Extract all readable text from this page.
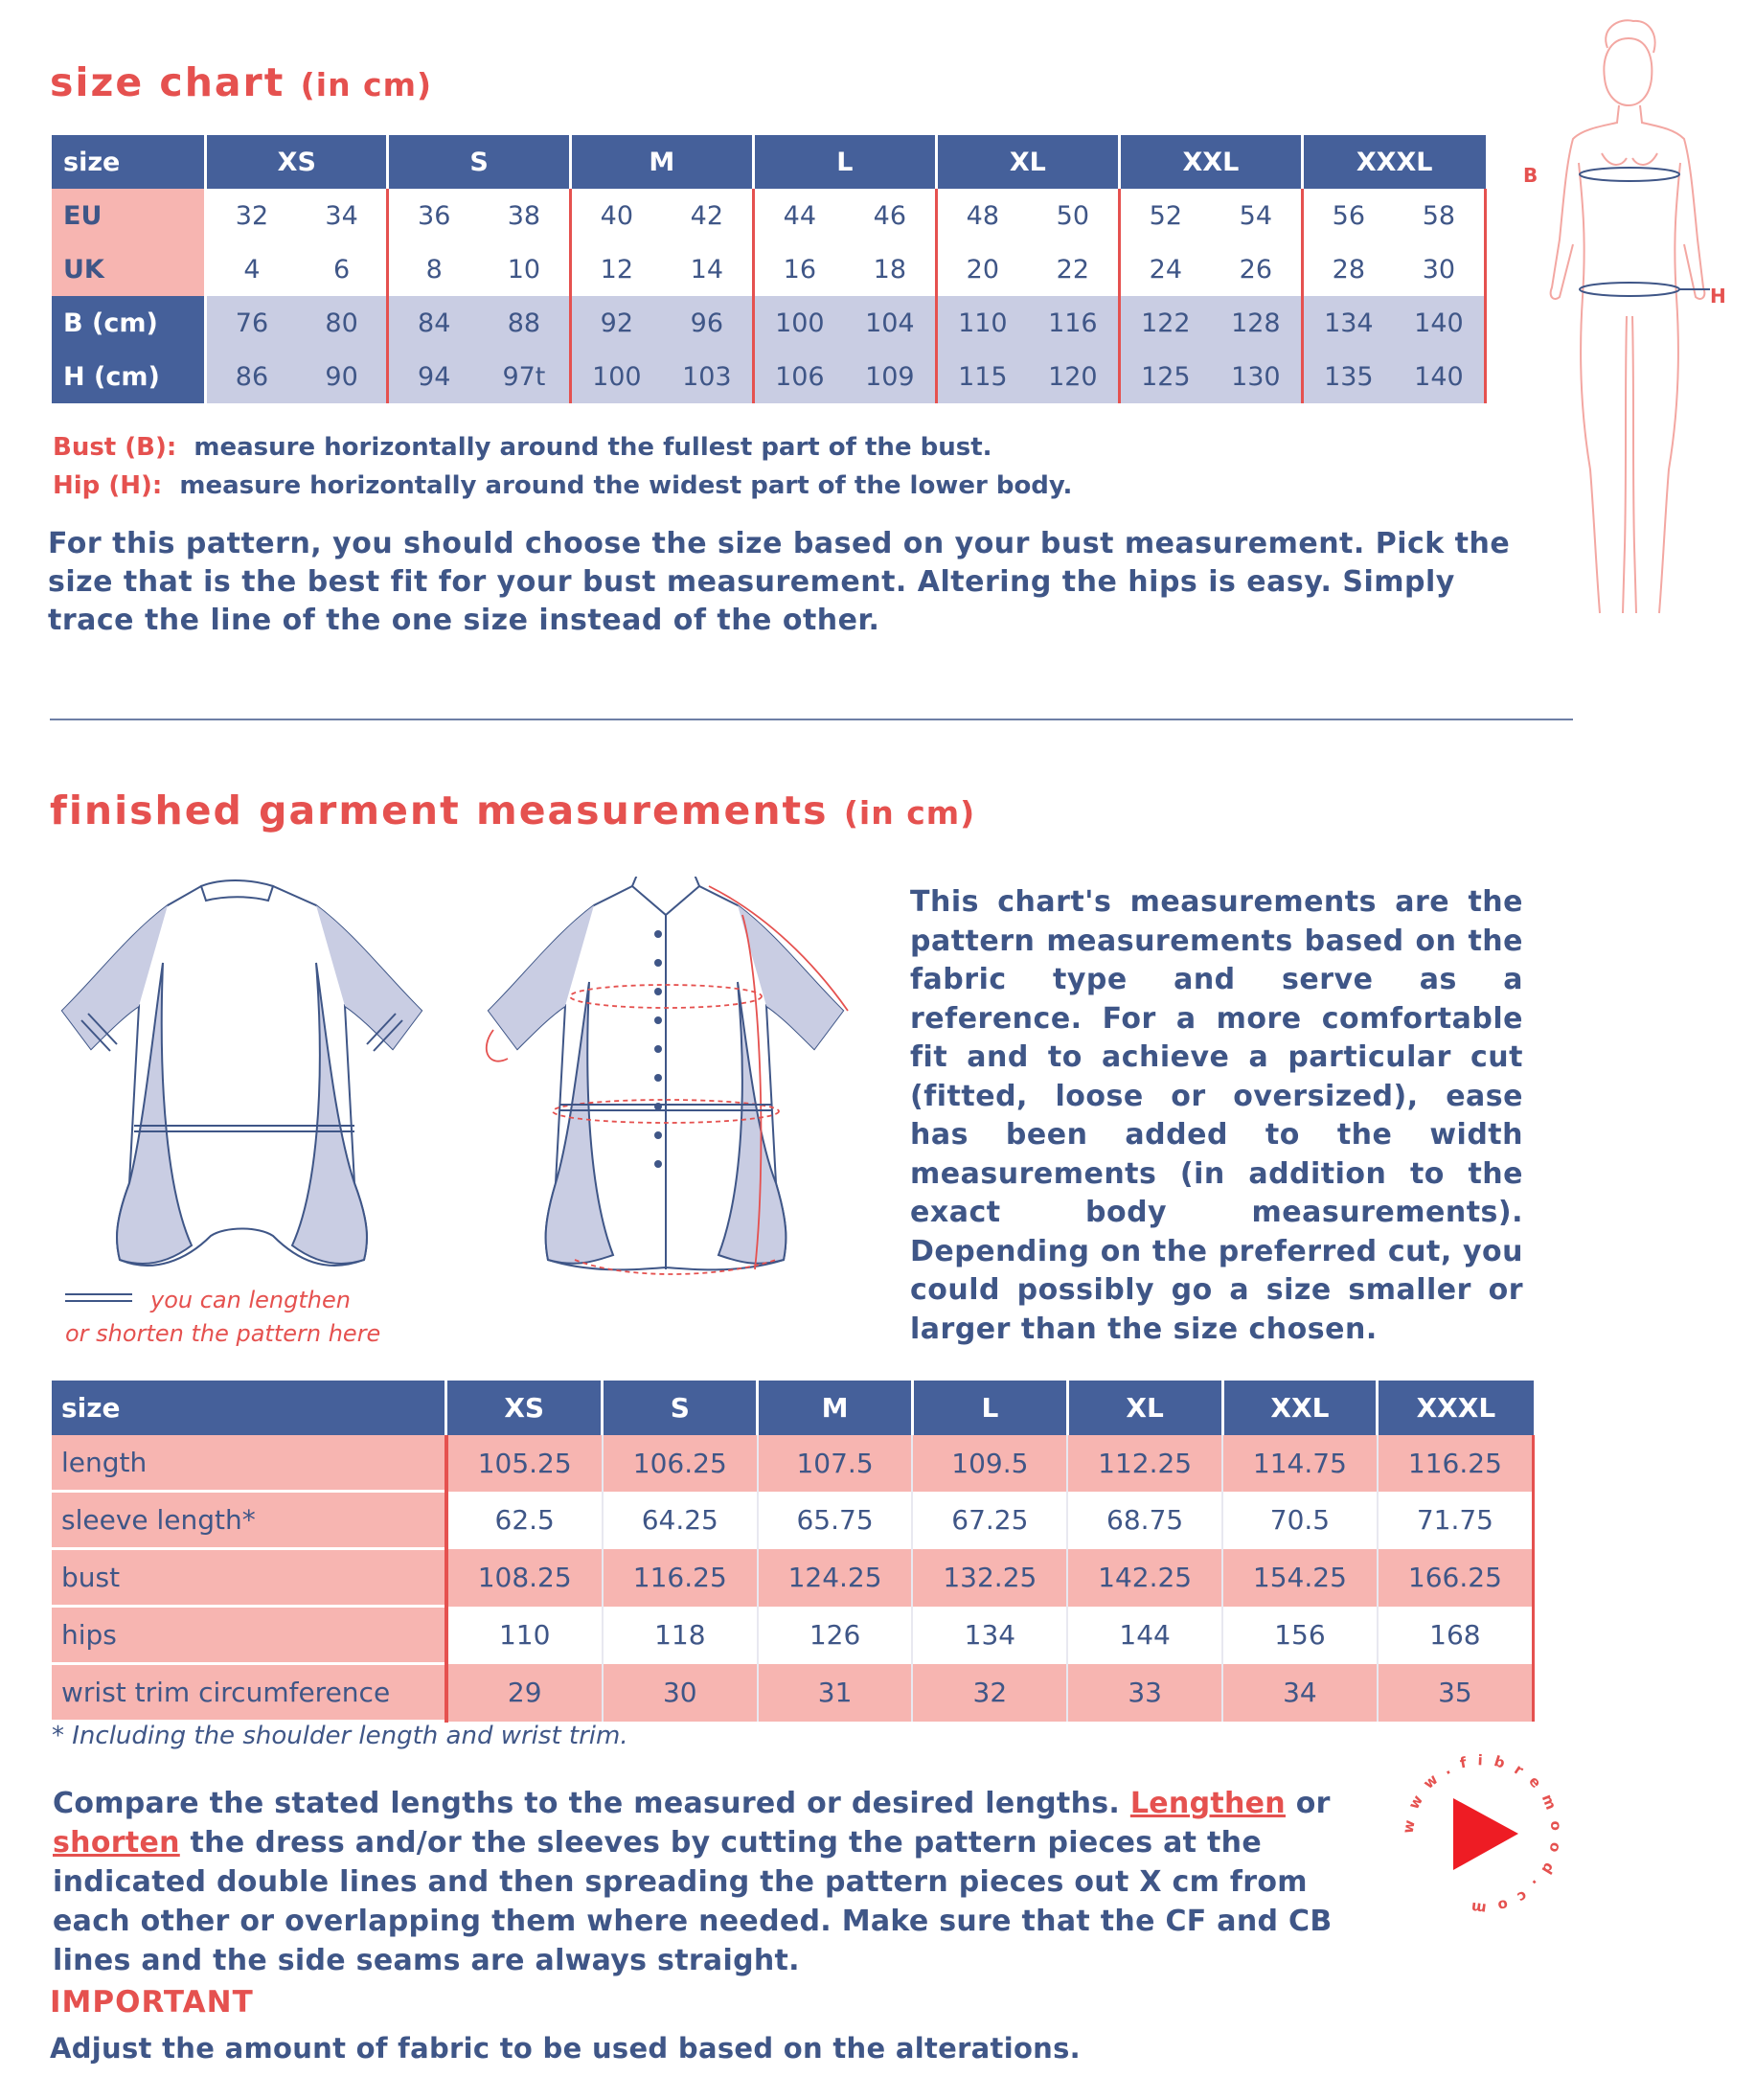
size chart (in cm)
size	XS		S		M		L		XL		XXL		XXXL	
EU	32	34	36	38	40	42	44	46	48	50	52	54	56	58
UK	4	6	8	10	12	14	16	18	20	22	24	26	28	30
B (cm)	76	80	84	88	92	96	100	104	110	116	122	128	134	140
H (cm)	86	90	94	97t	100	103	106	109	115	120	125	130	135	140
B
H

Bust (B): measure horizontally around the fullest part of the bust.

Hip (H): measure horizontally around the widest part of the lower body.

For this pattern, you should choose the size based on your bust measurement. Pick the size that is the best fit for your bust measurement. Altering the hips is easy. Simply trace the line of the one size instead of the other.

finished garment measurements (in cm)
you can lengthen
or shorten the pattern here

This chart's measurements are the pattern measurements based on the fabric type and serve as a reference. For a more comfortable fit and to achieve a particular cut (fitted, loose or oversized), ease has been added to the width measurements (in addition to the exact body measurements). Depending on the preferred cut, you could possibly go a size smaller or larger than the size chosen.

size	XS	S	M	L	XL	XXL	XXXL
length	105.25	106.25	107.5	109.5	112.25	114.75	116.25
sleeve length*	62.5	64.25	65.75	67.25	68.75	70.5	71.75
bust	108.25	116.25	124.25	132.25	142.25	154.25	166.25
hips	110	118	126	134	144	156	168
wrist trim circumference	29	30	31	32	33	34	35
* Including the shoulder length and wrist trim.

Compare the stated lengths to the measured or desired lengths. Lengthen or shorten the dress and/or the sleeves by cutting the pattern pieces at the indicated double lines and then spreading the pattern pieces out X cm from each other or overlapping them where needed. Make sure that the CF and CB lines and the side seams are always straight.

www.fibremood.com
IMPORTANT
Adjust the amount of fabric to be used based on the alterations.
